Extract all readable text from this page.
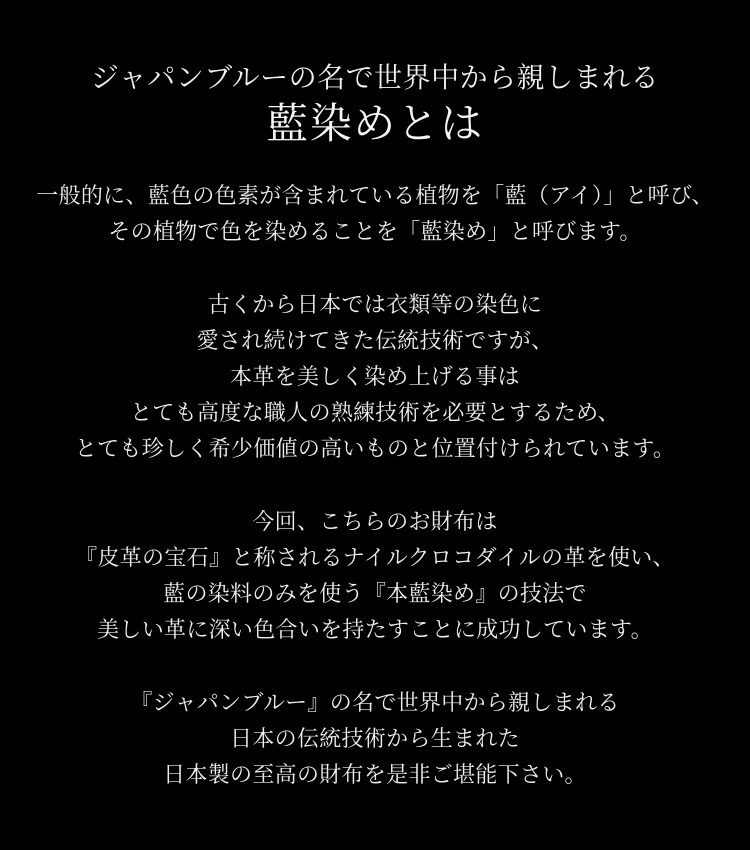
ジャパンブルーの名で世界中から親しまれる
藍染めとは
一般的に、藍色の色素が含まれている植物を「藍（アイ）」と呼び、
その植物で色を染めることを「藍染め」と呼びます。
古くから日本では衣類等の染色に
愛され続けてきた伝統技術ですが、
本革を美しく染め上げる事は
とても高度な職人の熟練技術を必要とするため、
とても珍しく希少価値の高いものと位置付けられています。
今回、こちらのお財布は
『皮革の宝石』と称されるナイルクロコダイルの革を使い、
藍の染料のみを使う『本藍染め』の技法で
美しい革に深い色合いを持たすことに成功しています。
『ジャパンブルー』の名で世界中から親しまれる
日本の伝統技術から生まれた
日本製の至高の財布を是非ご堪能下さい。
